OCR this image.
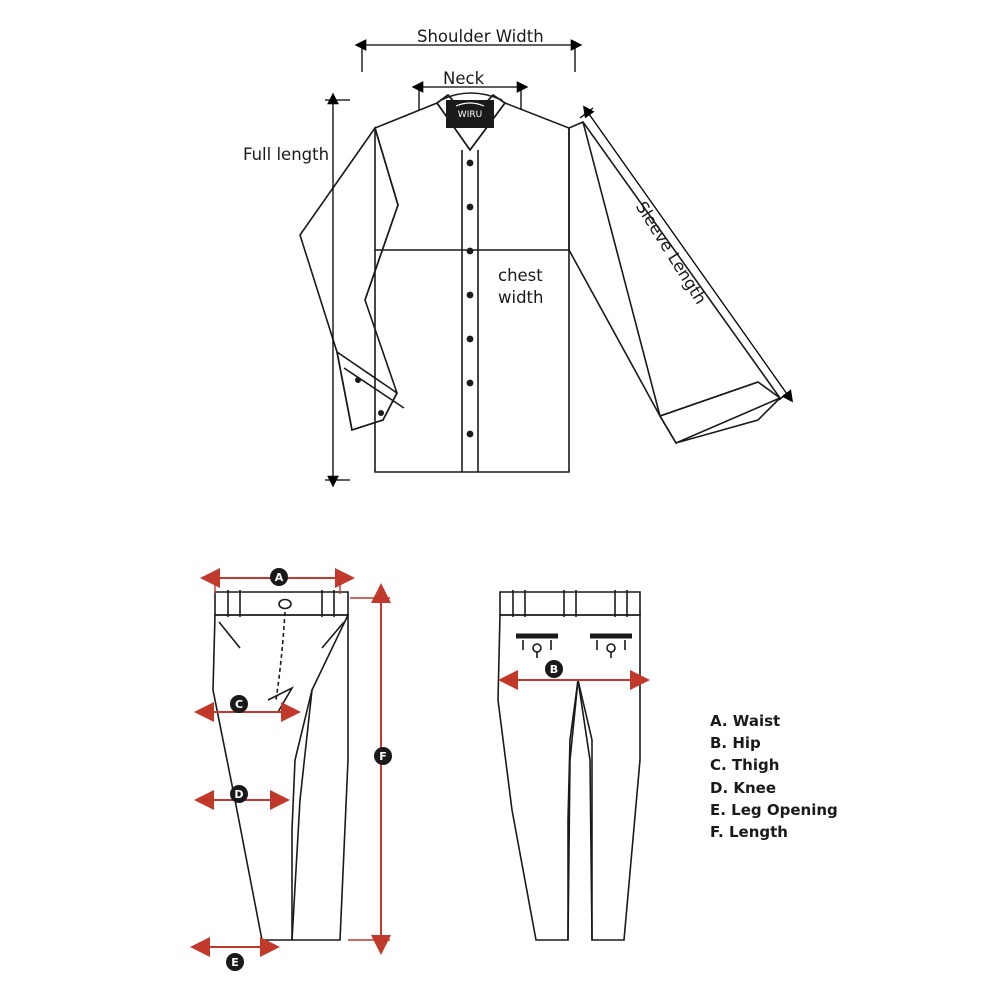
WIRU
A
B
C
D
E
F
Shoulder Width
Neck
Full length
Sleeve Length
chest
width
A. Waist
B. Hip
C. Thigh
D. Knee
E. Leg Opening
F. Length
